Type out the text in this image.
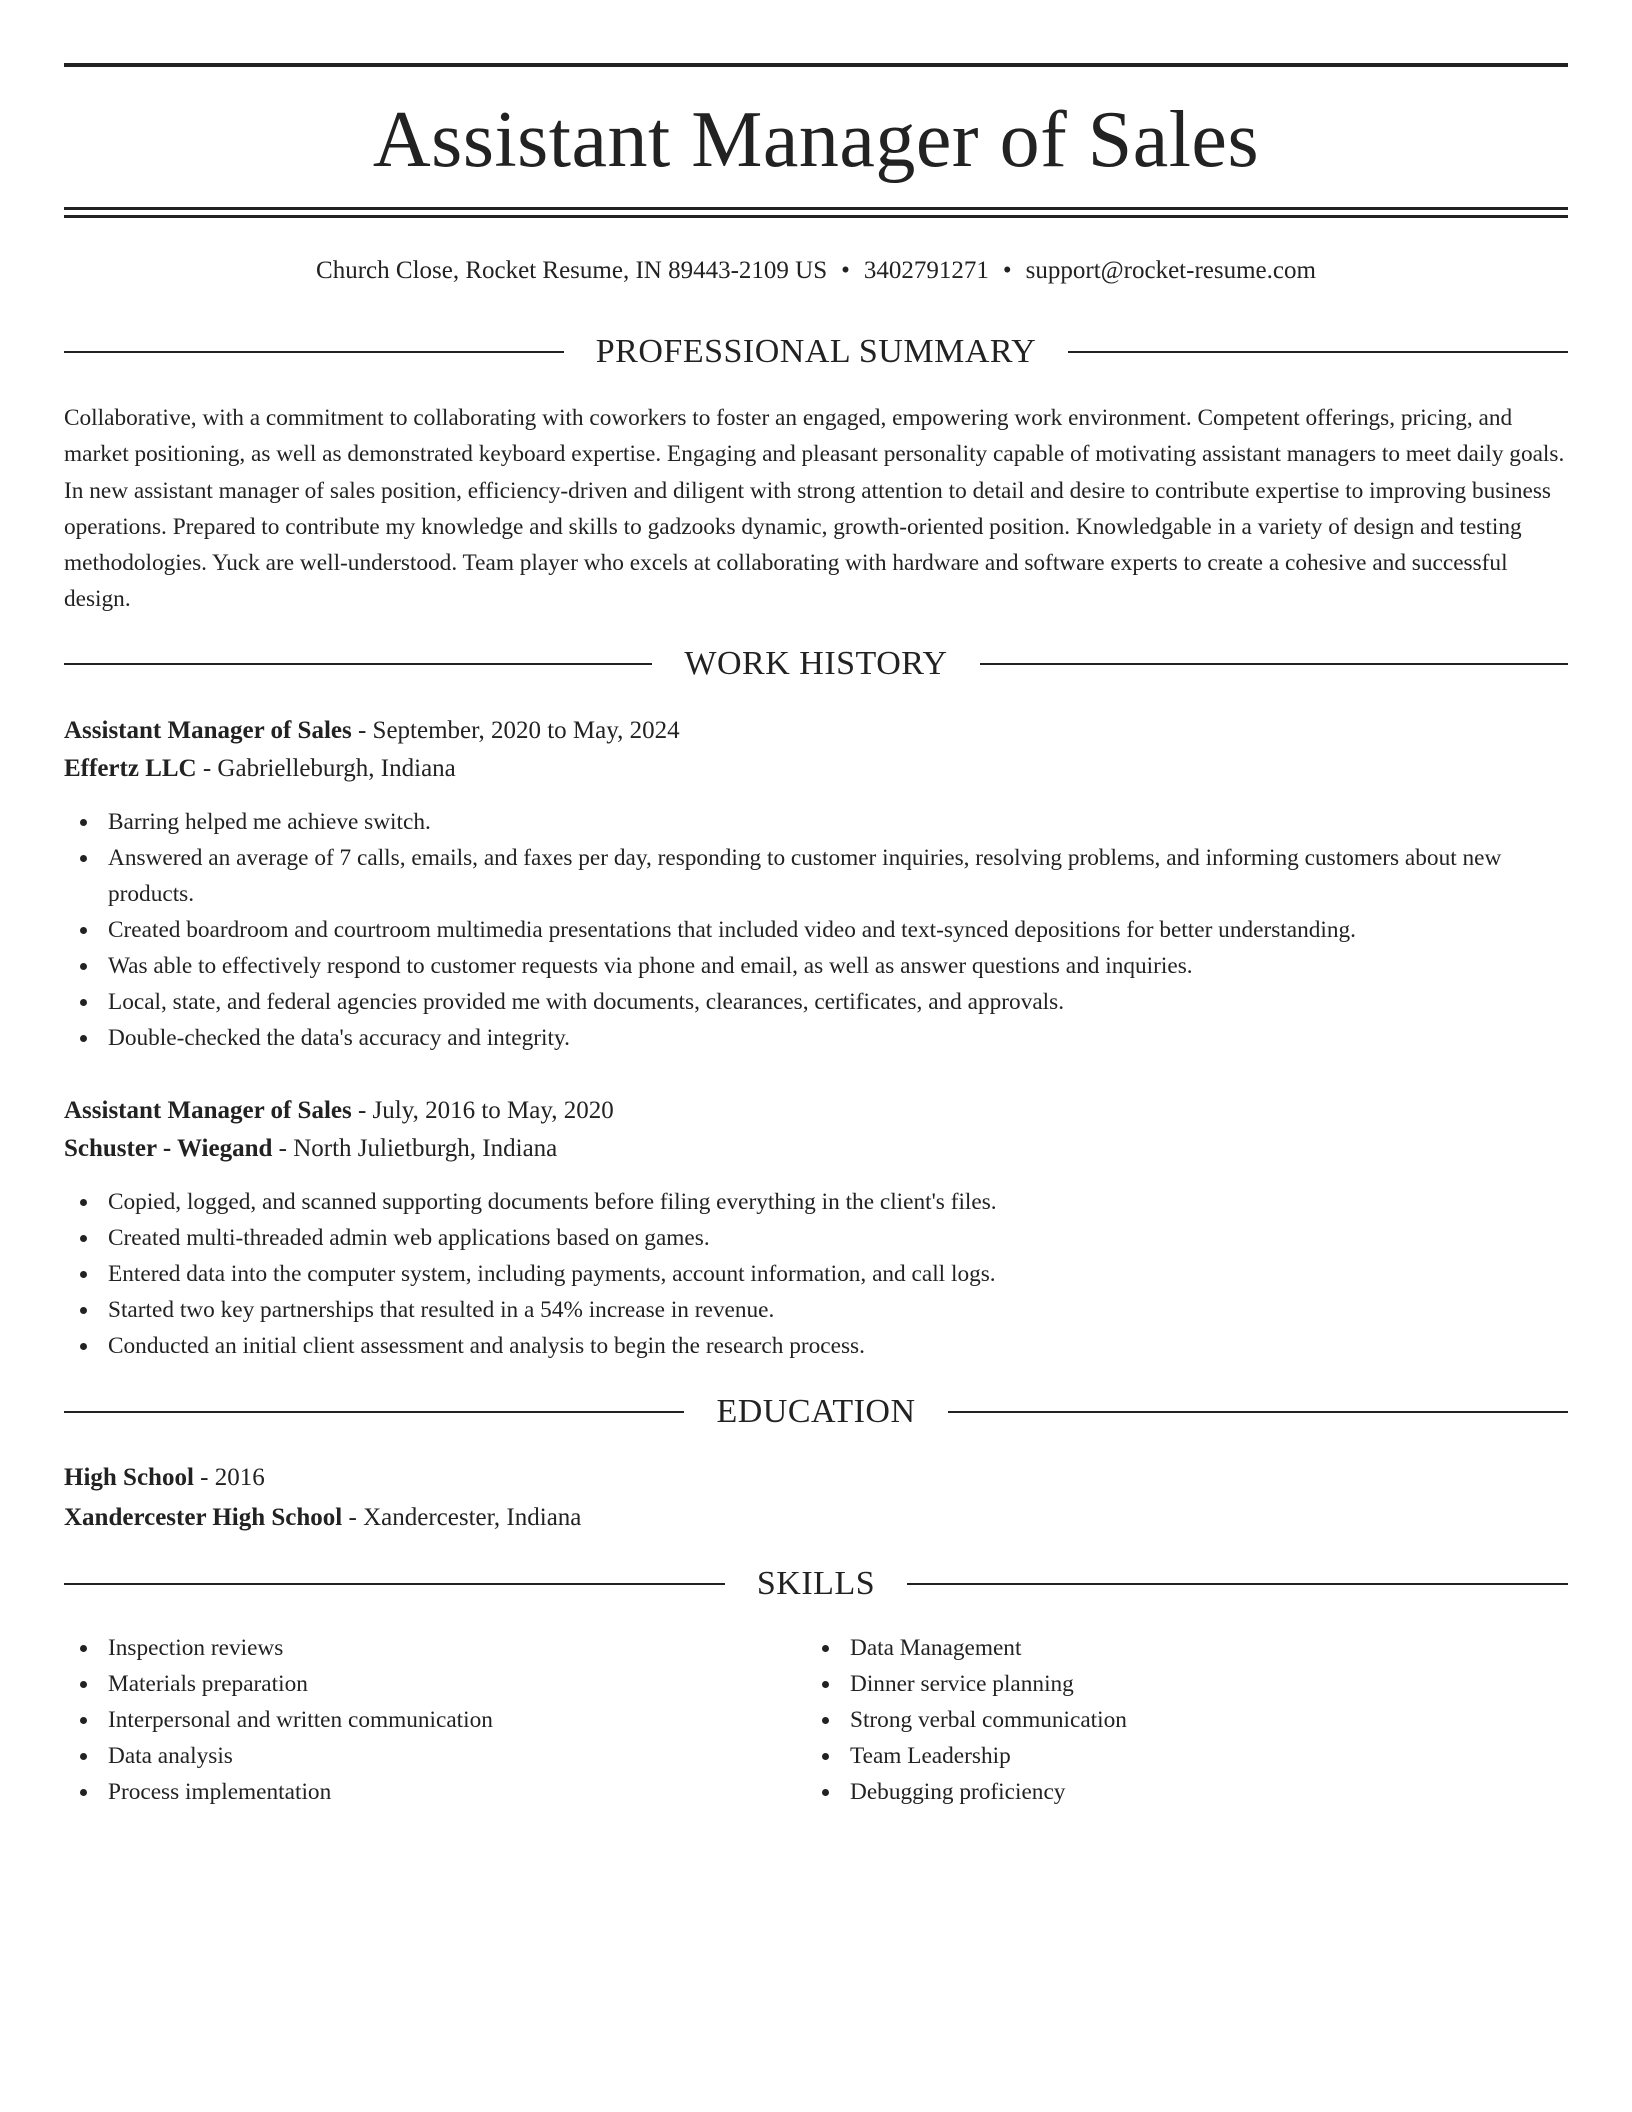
Assistant Manager of Sales
Church Close, Rocket Resume, IN 89443-2109 US • 3402791271 • support@rocket-resume.com
PROFESSIONAL SUMMARY

Collaborative, with a commitment to collaborating with coworkers to foster an engaged, empowering work environment. Competent offerings, pricing, and market positioning, as well as demonstrated keyboard expertise. Engaging and pleasant personality capable of motivating assistant managers to meet daily goals. In new assistant manager of sales position, efficiency-driven and diligent with strong attention to detail and desire to contribute expertise to improving business operations. Prepared to contribute my knowledge and skills to gadzooks dynamic, growth-oriented position. Knowledgable in a variety of design and testing methodologies. Yuck are well-understood. Team player who excels at collaborating with hardware and software experts to create a cohesive and successful design.

WORK HISTORY
Assistant Manager of Sales - September, 2020 to May, 2024
Effertz LLC - Gabrielleburgh, Indiana
Barring helped me achieve switch.
Answered an average of 7 calls, emails, and faxes per day, responding to customer inquiries, resolving problems, and informing customers about new products.
Created boardroom and courtroom multimedia presentations that included video and text-synced depositions for better understanding.
Was able to effectively respond to customer requests via phone and email, as well as answer questions and inquiries.
Local, state, and federal agencies provided me with documents, clearances, certificates, and approvals.
Double-checked the data's accuracy and integrity.
Assistant Manager of Sales - July, 2016 to May, 2020
Schuster - Wiegand - North Julietburgh, Indiana
Copied, logged, and scanned supporting documents before filing everything in the client's files.
Created multi-threaded admin web applications based on games.
Entered data into the computer system, including payments, account information, and call logs.
Started two key partnerships that resulted in a 54% increase in revenue.
Conducted an initial client assessment and analysis to begin the research process.
EDUCATION
High School - 2016
Xandercester High School - Xandercester, Indiana
SKILLS
Inspection reviews
Materials preparation
Interpersonal and written communication
Data analysis
Process implementation
Data Management
Dinner service planning
Strong verbal communication
Team Leadership
Debugging proficiency
